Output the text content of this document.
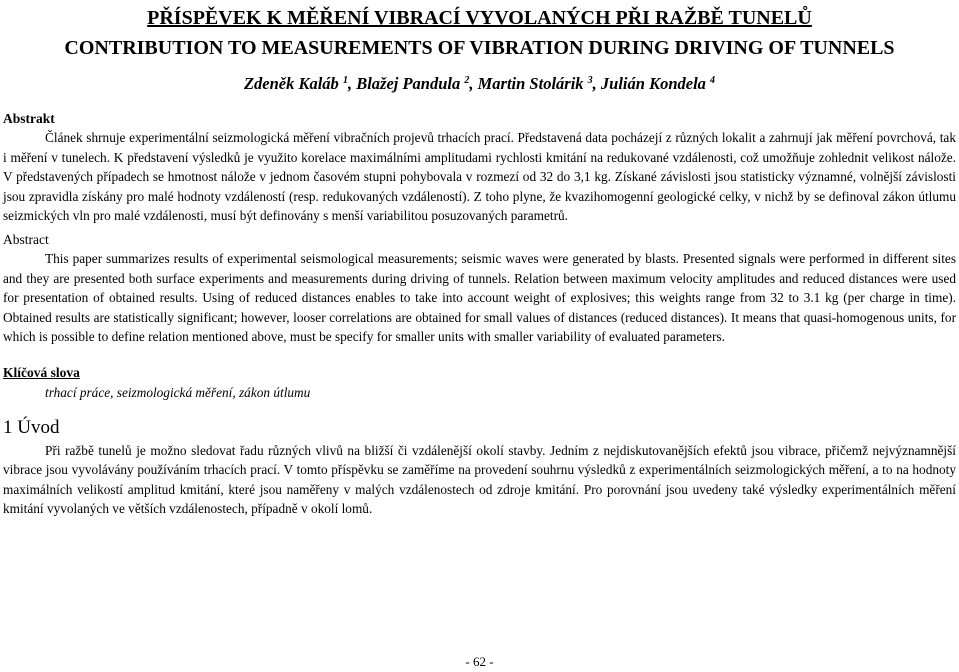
PŘÍSPĚVEK K MĚŘENÍ VIBRACÍ VYVOLANÝCH PŘI RAŽBĚ TUNELŮ
CONTRIBUTION TO MEASUREMENTS OF VIBRATION DURING DRIVING OF TUNNELS
Zdeněk Kaláb $^1$, Blažej Pandula $^2$, Martin Stolárik $^3$, Julián Kondela $^4$
Abstrakt

Článek shrnuje experimentální seizmologická měření vibračních projevů trhacích prací. Představená data pocházejí z různých lokalit a zahrnují jak měření povrchová, tak i měření v tunelech. K představení výsledků je využito korelace maximálními amplitudami rychlosti kmitání na redukované vzdálenosti, což umožňuje zohlednit velikost nálože. V představených případech se hmotnost nálože v jednom časovém stupni pohybovala v rozmezí od 32 do 3,1 kg. Získané závislosti jsou statisticky významné, volnější závislosti jsou zpravidla získány pro malé hodnoty vzdáleností (resp. redukovaných vzdáleností). Z toho plyne, že kvazihomogenní geologické celky, v nichž by se definoval zákon útlumu seizmických vln pro malé vzdálenosti, musí být definovány s menší variabilitou posuzovaných parametrů.

Abstract

This paper summarizes results of experimental seismological measurements; seismic waves were generated by blasts. Presented signals were performed in different sites and they are presented both surface experiments and measurements during driving of tunnels. Relation between maximum velocity amplitudes and reduced distances were used for presentation of obtained results. Using of reduced distances enables to take into account weight of explosives; this weights range from 32 to 3.1 kg (per charge in time). Obtained results are statistically significant; however, looser correlations are obtained for small values of distances (reduced distances). It means that quasi-homogenous units, for which is possible to define relation mentioned above, must be specify for smaller units with smaller variability of evaluated parameters.

Klíčová slova

trhací práce, seizmologická měření, zákon útlumu

1 Úvod

Při ražbě tunelů je možno sledovat řadu různých vlivů na bližší či vzdálenější okolí stavby. Jedním z nejdiskutovanějších efektů jsou vibrace, přičemž nejvýznamnější vibrace jsou vyvolávány používáním trhacích prací. V tomto příspěvku se zaměříme na provedení souhrnu výsledků z experimentálních seizmologických měření, a to na hodnoty maximálních velikostí amplitud kmitání, které jsou naměřeny v malých vzdálenostech od zdroje kmitání. Pro porovnání jsou uvedeny také výsledky experimentálních měření kmitání vyvolaných ve větších vzdálenostech, případně v okolí lomů.

- 62 -
